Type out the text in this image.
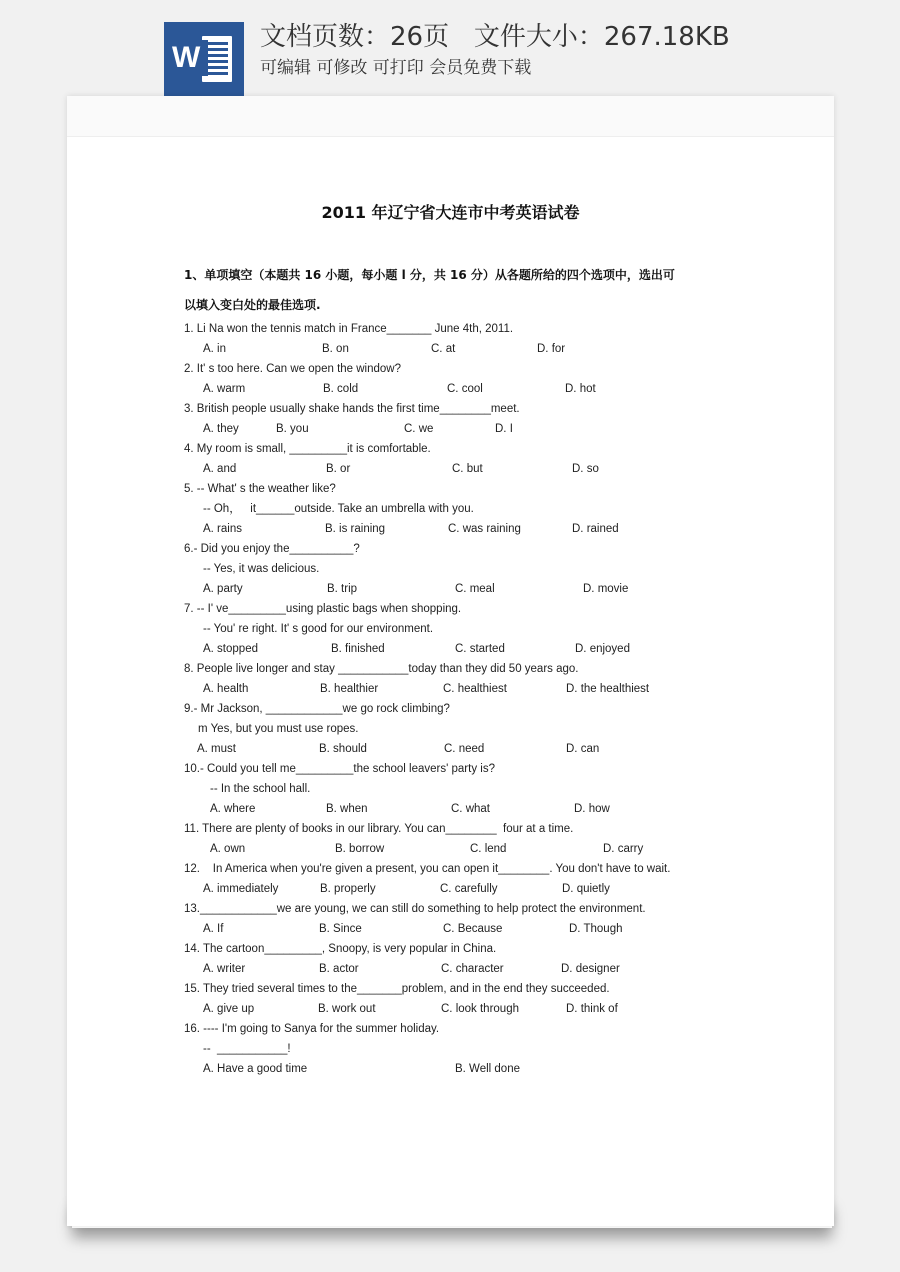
W
文档页数：26页   文件大小：267.18KB
可编辑 可修改 可打印 会员免费下载
2011 年辽宁省大连市中考英语试卷
1、单项填空（本题共 16 小题，每小题 l 分，共 16 分）从各题所给的四个选项中，选出可
以填入变白处的最佳选项.
1. Li Na won the tennis match in France_______ June 4th, 2011.
A. in	B. on	C. at	D. for
2. It' s too here. Can we open the window?
A. warm	B. cold	C. cool	D. hot
3. British people usually shake hands the first time________meet.
A. they	B. you	C. we	D. I
4. My room is small, _________it is comfortable.
A. and	B. or	C. but	D. so
5. -- What' s the weather like?
-- Oh，   it______outside. Take an umbrella with you.
A. rains	B. is raining	C. was raining	D. rained
6.- Did you enjoy the__________?
-- Yes, it was delicious.
A. party	B. trip	C. meal	D. movie
7. -- I' ve_________using plastic bags when shopping.
-- You' re right. It' s good for our environment.
A. stopped	B. finished	C. started	D. enjoyed
8. People live longer and stay ___________today than they did 50 years ago.
A. health	B. healthier	C. healthiest	D. the healthiest
9.- Mr Jackson, ____________we go rock climbing?
m Yes, but you must use ropes.
A. must	B. should	C. need	D. can
10.- Could you tell me_________the school leavers' party is?
-- In the school hall.
A. where	B. when	C. what	D. how
11. There are plenty of books in our library. You can________  four at a time.
A. own	B. borrow	C. lend	D. carry
12.    In America when you're given a present, you can open it________. You don't have to wait.
A. immediately	B. properly	C. carefully	D. quietly
13.____________we are young, we can still do something to help protect the environment.
A. If	B. Since	C. Because	D. Though
14. The cartoon_________, Snoopy, is very popular in China.
A. writer	B. actor	C. character	D. designer
15. They tried several times to the_______problem, and in the end they succeeded.
A. give up	B. work out	C. look through	D. think of
16. ---- I'm going to Sanya for the summer holiday.
--  ___________!
A. Have a good time	B. Well done
